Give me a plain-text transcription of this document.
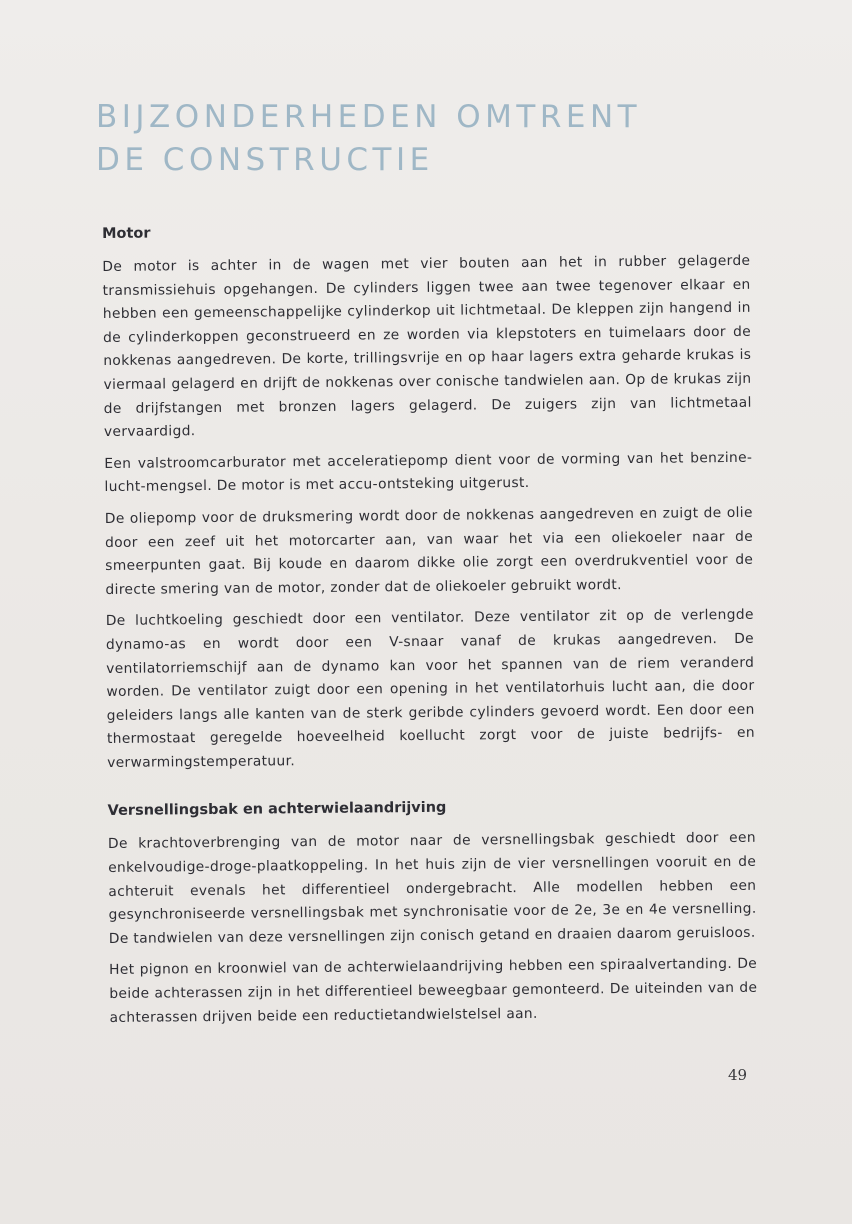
BIJZONDERHEDEN OMTRENT
DE CONSTRUCTIE
Motor

De motor is achter in de wagen met vier bouten aan het in rubber gelagerde transmissiehuis opgehangen. De cylinders liggen twee aan twee tegenover elkaar en hebben een gemeenschappelijke cylinderkop uit lichtmetaal. De kleppen zijn hangend in de cylinderkoppen geconstrueerd en ze worden via klepstoters en tuimelaars door de nokkenas aangedreven. De korte, trillingsvrije en op haar lagers extra geharde krukas is viermaal gelagerd en drijft de nokkenas over conische tandwielen aan. Op de krukas zijn de drijfstangen met bronzen lagers gelagerd. De zuigers zijn van lichtmetaal vervaardigd.

Een valstroomcarburator met acceleratiepomp dient voor de vorming van het benzine-lucht-mengsel. De motor is met accu-ontsteking uitgerust.

De oliepomp voor de druksmering wordt door de nokkenas aangedreven en zuigt de olie door een zeef uit het motorcarter aan, van waar het via een oliekoeler naar de smeerpunten gaat. Bij koude en daarom dikke olie zorgt een overdrukventiel voor de directe smering van de motor, zonder dat de oliekoeler gebruikt wordt.

De luchtkoeling geschiedt door een ventilator. Deze ventilator zit op de verlengde dynamo-as en wordt door een V-snaar vanaf de krukas aangedreven. De ventilatorriemschijf aan de dynamo kan voor het spannen van de riem veranderd worden. De ventilator zuigt door een opening in het ventilatorhuis lucht aan, die door geleiders langs alle kanten van de sterk geribde cylinders gevoerd wordt. Een door een thermostaat geregelde hoeveelheid koellucht zorgt voor de juiste bedrijfs- en verwarmingstemperatuur.

Versnellingsbak en achterwielaandrijving

De krachtoverbrenging van de motor naar de versnellingsbak geschiedt door een enkelvoudige-droge-plaatkoppeling. In het huis zijn de vier versnellingen vooruit en de achteruit evenals het differentieel ondergebracht. Alle modellen hebben een gesynchroniseerde versnellingsbak met synchronisatie voor de 2e, 3e en 4e versnelling. De tandwielen van deze versnellingen zijn conisch getand en draaien daarom geruisloos.

Het pignon en kroonwiel van de achterwielaandrijving hebben een spiraalvertanding. De beide achterassen zijn in het differentieel beweegbaar gemonteerd. De uiteinden van de achterassen drijven beide een reductietandwielstelsel aan.

49
